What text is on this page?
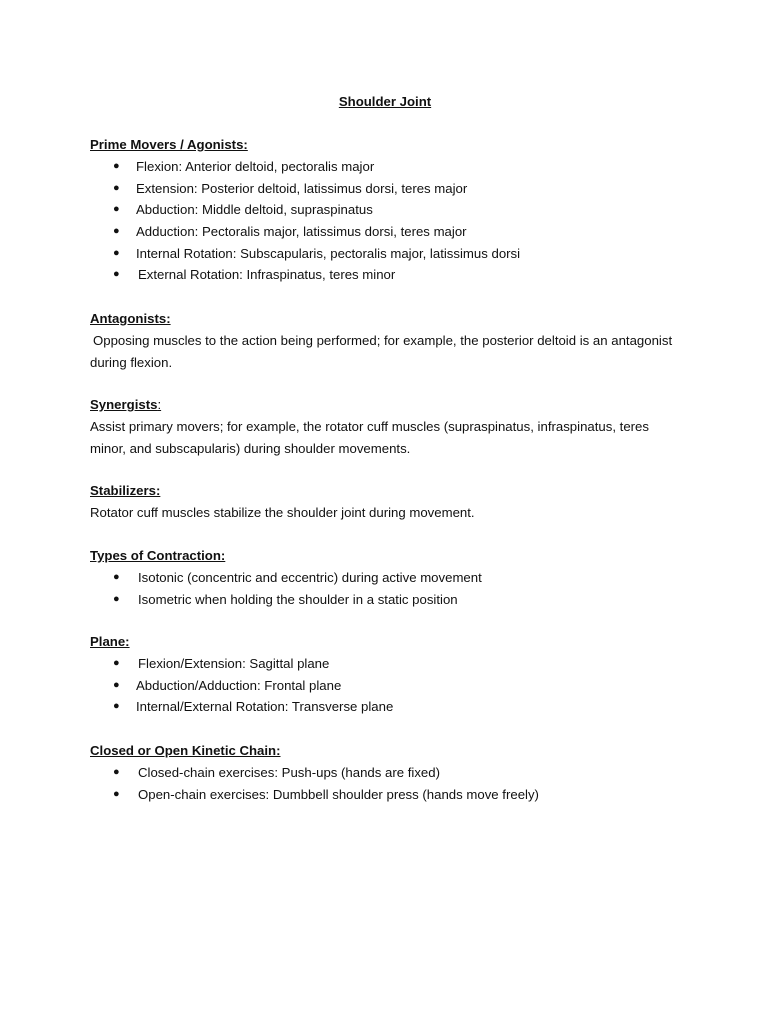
Shoulder Joint
Prime Movers / Agonists:
● Flexion: Anterior deltoid, pectoralis major
● Extension: Posterior deltoid, latissimus dorsi, teres major
● Abduction: Middle deltoid, supraspinatus
● Adduction: Pectoralis major, latissimus dorsi, teres major
● Internal Rotation: Subscapularis, pectoralis major, latissimus dorsi
● External Rotation: Infraspinatus, teres minor
Antagonists:

Opposing muscles to the action being performed; for example, the posterior deltoid is an antagonist during flexion.

Synergists:

Assist primary movers; for example, the rotator cuff muscles (supraspinatus, infraspinatus, teres minor, and subscapularis) during shoulder movements.

Stabilizers:

Rotator cuff muscles stabilize the shoulder joint during movement.

Types of Contraction:
● Isotonic (concentric and eccentric) during active movement
● Isometric when holding the shoulder in a static position
Plane:
● Flexion/Extension: Sagittal plane
● Abduction/Adduction: Frontal plane
● Internal/External Rotation: Transverse plane
Closed or Open Kinetic Chain:
● Closed-chain exercises: Push-ups (hands are fixed)
● Open-chain exercises: Dumbbell shoulder press (hands move freely)
